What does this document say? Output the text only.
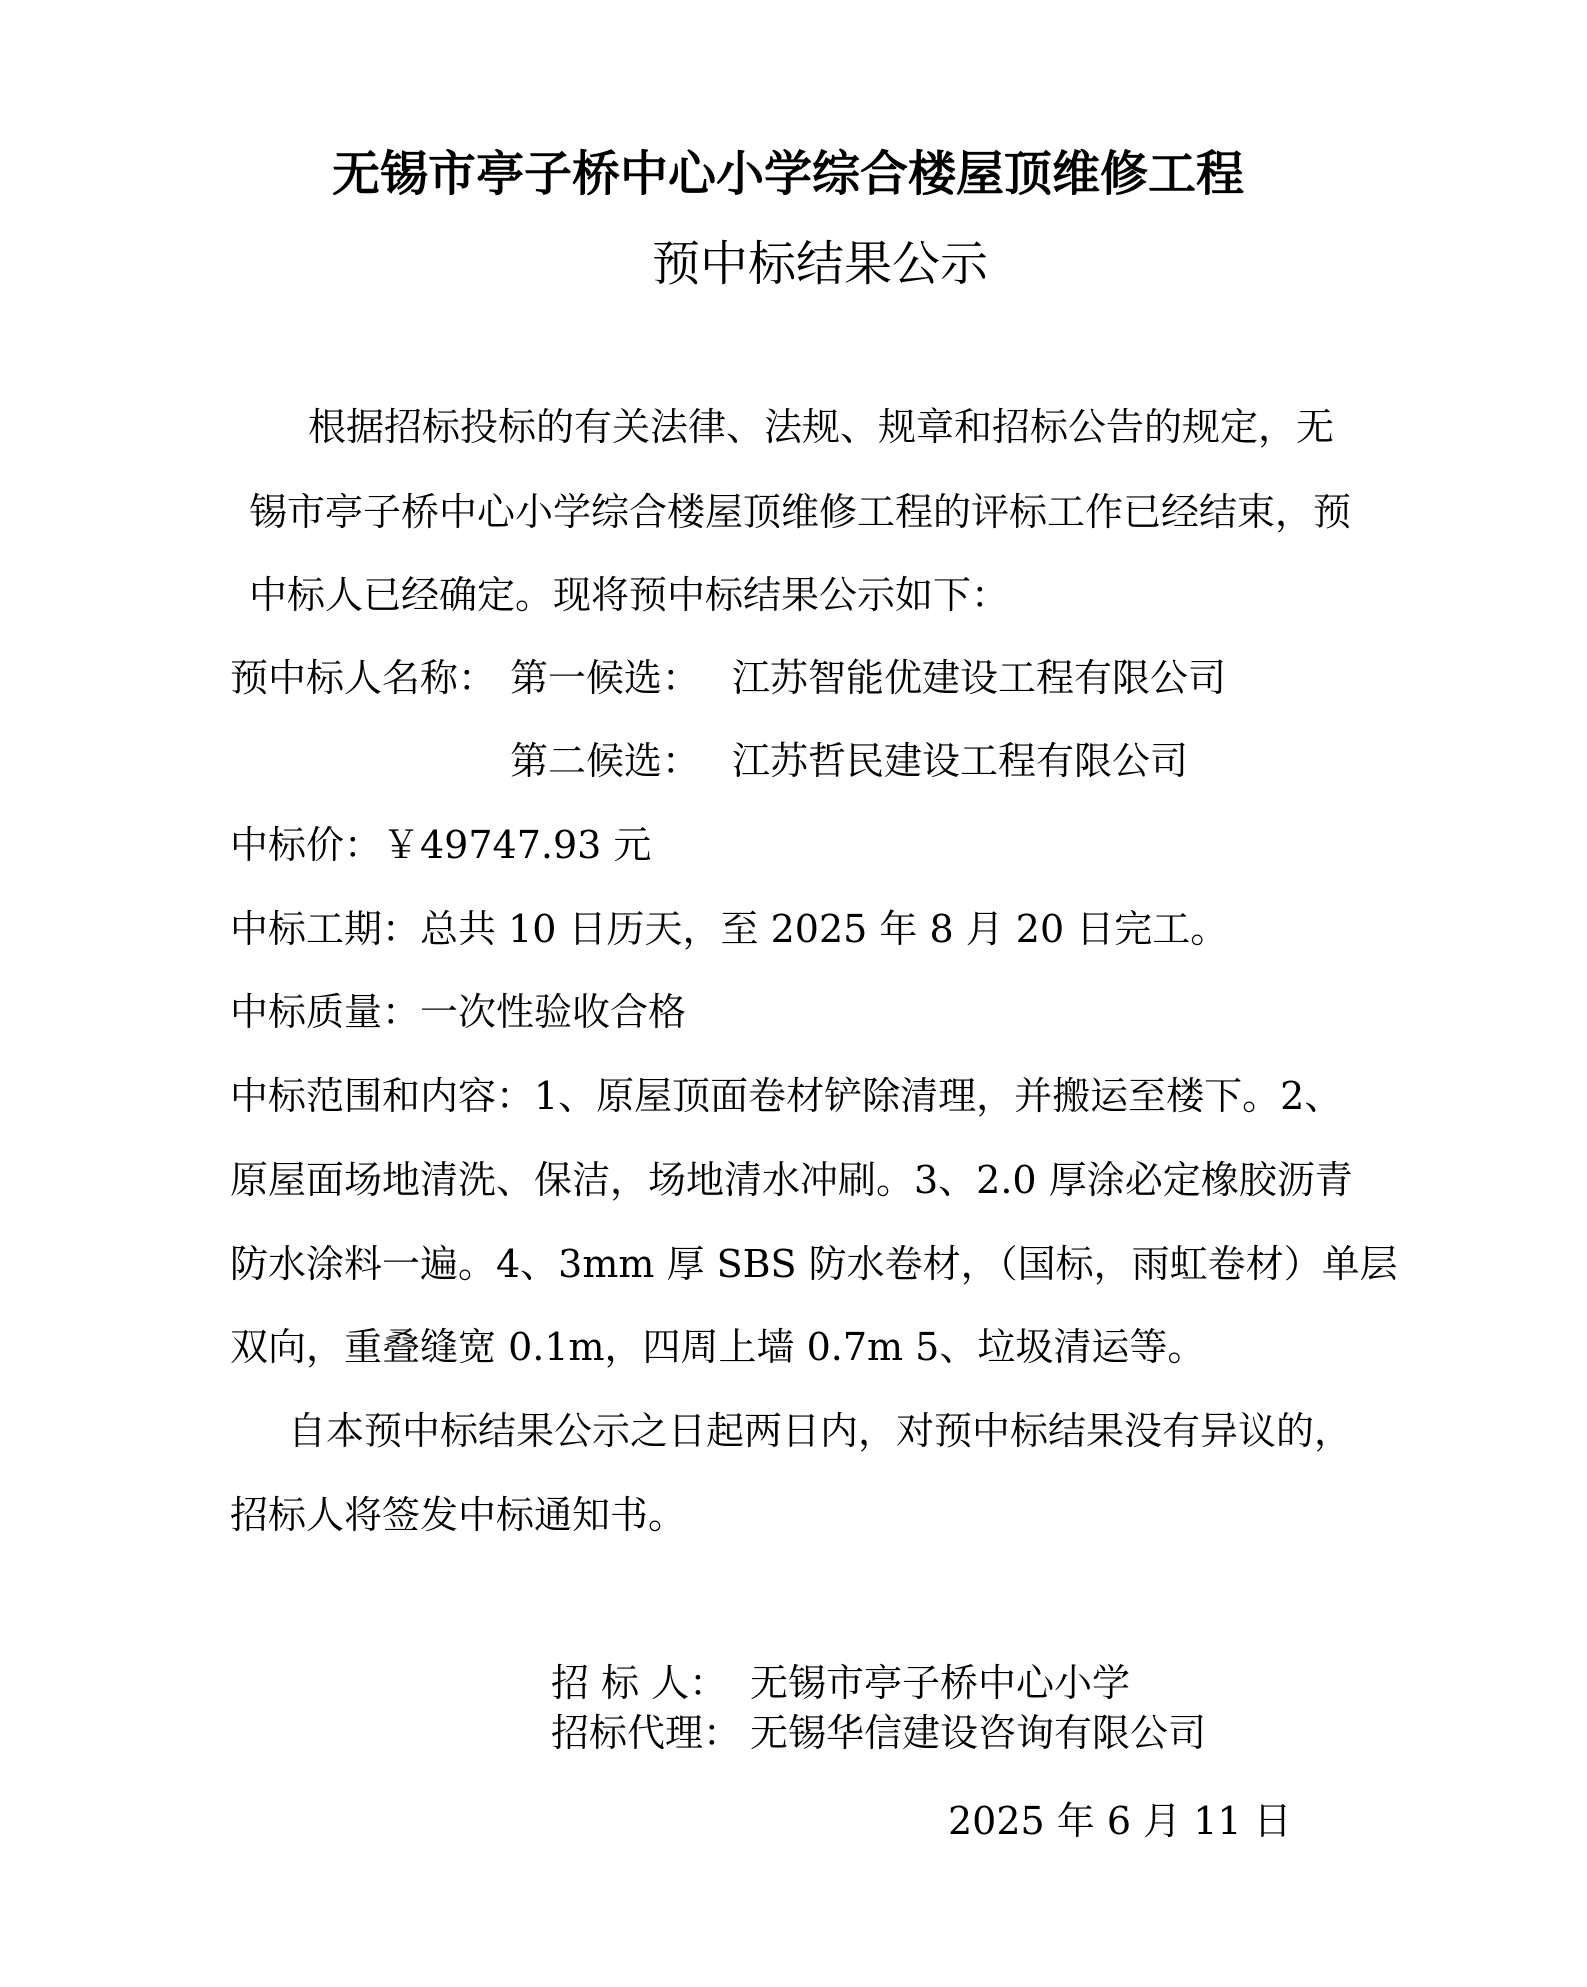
无锡市亭子桥中心小学综合楼屋顶维修工程
预中标结果公示
根据招标投标的有关法律、法规、规章和招标公告的规定，无
锡市亭子桥中心小学综合楼屋顶维修工程的评标工作已经结束，预
中标人已经确定。现将预中标结果公示如下：
预中标人名称： 第一候选： 江苏智能优建设工程有限公司
第二候选： 江苏哲民建设工程有限公司
中标价：￥49747.93 元
中标工期：总共 10 日历天，至 2025 年 8 月 20 日完工。
中标质量：一次性验收合格
中标范围和内容：1、原屋顶面卷材铲除清理，并搬运至楼下。2、
原屋面场地清洗、保洁，场地清水冲刷。3、2.0 厚涂必定橡胶沥青
防水涂料一遍。4、3mm 厚 SBS 防水卷材，（国标，雨虹卷材）单层
双向，重叠缝宽 0.1m，四周上墙 0.7m 5、垃圾清运等。
自本预中标结果公示之日起两日内，对预中标结果没有异议的，
招标人将签发中标通知书。
招 标 人： 无锡市亭子桥中心小学
招标代理： 无锡华信建设咨询有限公司
2025 年 6 月 11 日
